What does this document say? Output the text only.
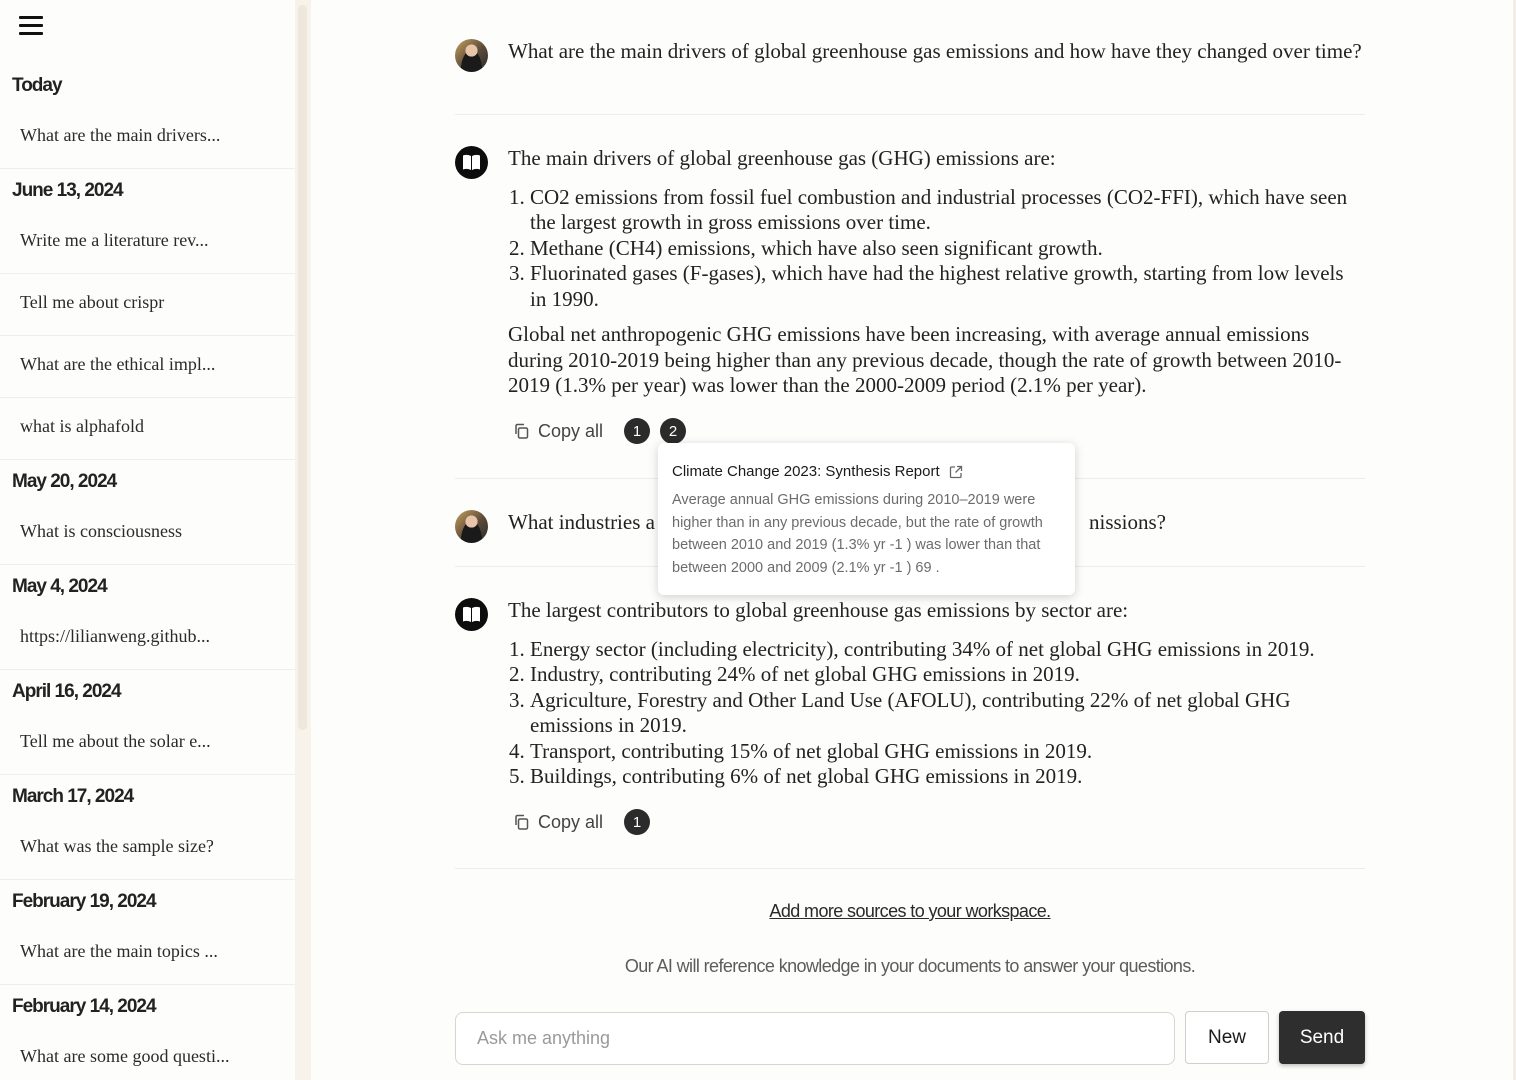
Today
What are the main drivers...
June 13, 2024
Write me a literature rev...
Tell me about crispr
What are the ethical impl...
what is alphafold
May 20, 2024
What is consciousness
May 4, 2024
https://lilianweng.github...
April 16, 2024
Tell me about the solar e...
March 17, 2024
What was the sample size?
February 19, 2024
What are the main topics ...
February 14, 2024
What are some good questi...
What are the main drivers of global greenhouse gas emissions and how have they changed over time?
The main drivers of global greenhouse gas (GHG) emissions are:
1. CO2 emissions from fossil fuel combustion and industrial processes (CO2-FFI), which have seen the largest growth in gross emissions over time.
2. Methane (CH4) emissions, which have also seen significant growth.
3. Fluorinated gases (F-gases), which have had the highest relative growth, starting from low levels in 1990.
Global net anthropogenic GHG emissions have been increasing, with average annual emissions during 2010-2019 being higher than any previous decade, though the rate of growth between 2010-2019 (1.3% per year) was lower than the 2000-2009 period (2.1% per year).
Copy all	1	2
What industries a	nissions?
The largest contributors to global greenhouse gas emissions by sector are:
1. Energy sector (including electricity), contributing 34% of net global GHG emissions in 2019.
2. Industry, contributing 24% of net global GHG emissions in 2019.
3. Agriculture, Forestry and Other Land Use (AFOLU), contributing 22% of net global GHG emissions in 2019.
4. Transport, contributing 15% of net global GHG emissions in 2019.
5. Buildings, contributing 6% of net global GHG emissions in 2019.
Copy all	1
Climate Change 2023: Synthesis Report
Average annual GHG emissions during 2010–2019 were higher than in any previous decade, but the rate of growth between 2010 and 2019 (1.3% yr -1 ) was lower than that between 2000 and 2009 (2.1% yr -1 ) 69 .
Add more sources to your workspace.
Our AI will reference knowledge in your documents to answer your questions.
Ask me anything
New	Send
